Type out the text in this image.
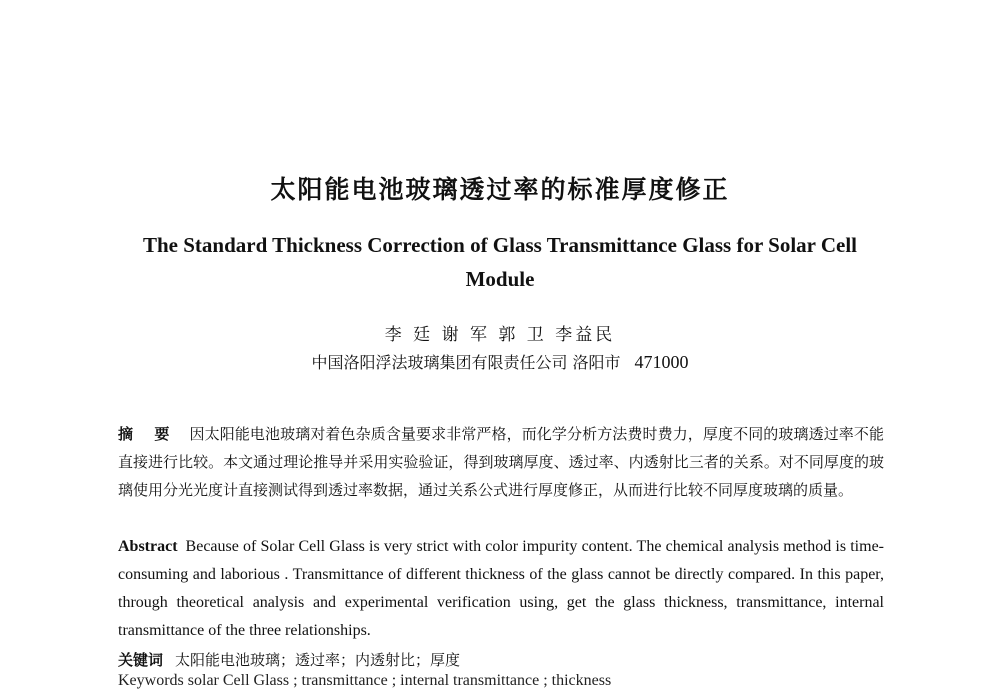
太阳能电池玻璃透过率的标准厚度修正
The Standard Thickness Correction of Glass Transmittance Glass for Solar Cell Module
李 廷 谢 军 郭 卫 李益民
中国洛阳浮法玻璃集团有限责任公司 洛阳市 471000
摘 要 因太阳能电池玻璃对着色杂质含量要求非常严格，而化学分析方法费时费力，厚度不同的玻璃透过率不能直接进行比较。本文通过理论推导并采用实验验证，得到玻璃厚度、透过率、内透射比三者的关系。对不同厚度的玻璃使用分光光度计直接测试得到透过率数据，通过关系公式进行厚度修正，从而进行比较不同厚度玻璃的质量。
Abstract Because of Solar Cell Glass is very strict with color impurity content. The chemical analysis method is time-consuming and laborious . Transmittance of different thickness of the glass cannot be directly compared. In this paper, through theoretical analysis and experimental verification using, get the glass thickness, transmittance, internal transmittance of the three relationships.
关键词 太阳能电池玻璃；透过率；内透射比；厚度
Keywords solar Cell Glass ; transmittance ; internal transmittance ; thickness
